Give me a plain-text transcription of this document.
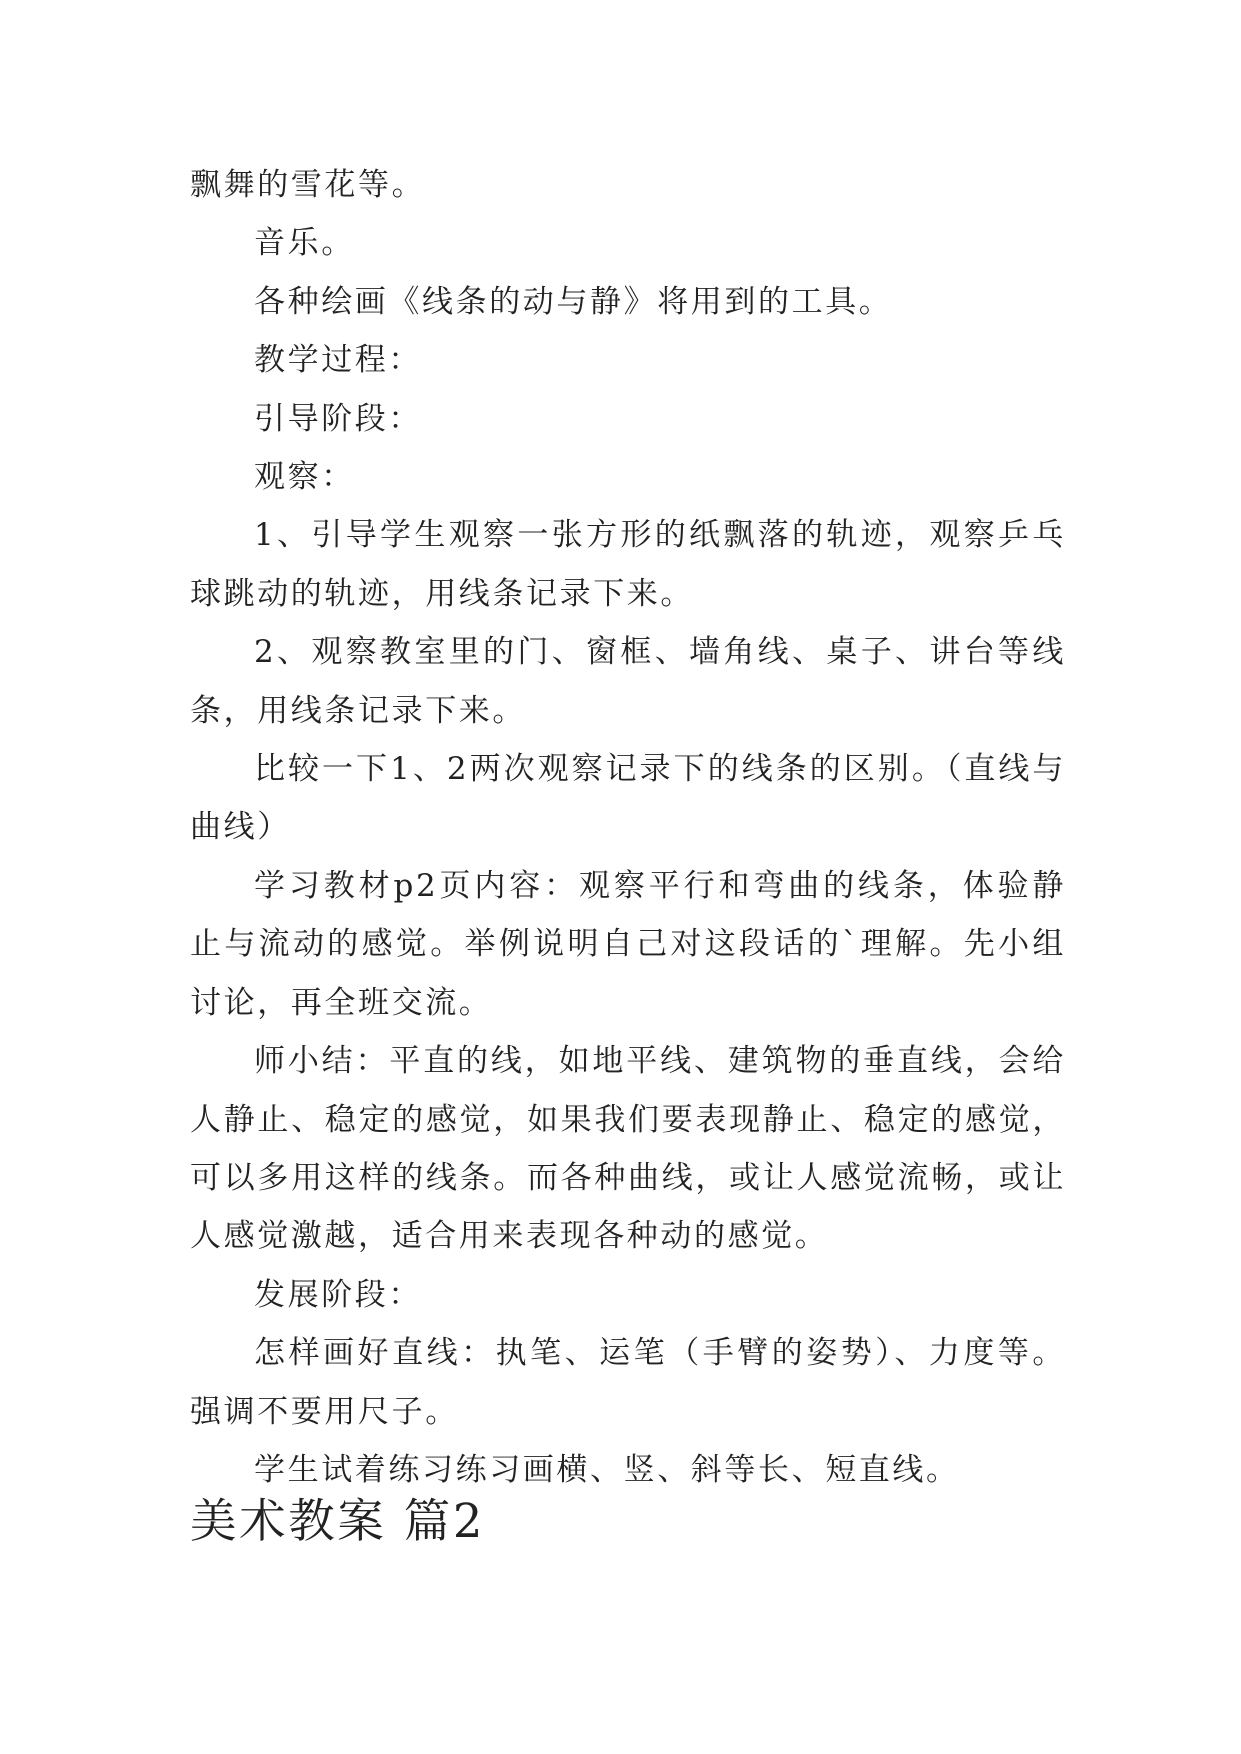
飘舞的雪花等。

音乐。

各种绘画《线条的动与静》将用到的工具。

教学过程：

引导阶段：

观察：

1、引导学生观察一张方形的纸飘落的轨迹，观察乒乓球跳动的轨迹，用线条记录下来。

2、观察教室里的门、窗框、墙角线、桌子、讲台等线条，用线条记录下来。

比较一下1、2两次观察记录下的线条的区别。（直线与曲线）

学习教材p2页内容：观察平行和弯曲的线条，体验静止与流动的感觉。举例说明自己对这段话的`理解。先小组讨论，再全班交流。

师小结：平直的线，如地平线、建筑物的垂直线，会给人静止、稳定的感觉，如果我们要表现静止、稳定的感觉，可以多用这样的线条。而各种曲线，或让人感觉流畅，或让人感觉激越，适合用来表现各种动的感觉。

发展阶段：

怎样画好直线：执笔、运笔（手臂的姿势）、力度等。强调不要用尺子。

学生试着练习练习画横、竖、斜等长、短直线。

美术教案 篇2
